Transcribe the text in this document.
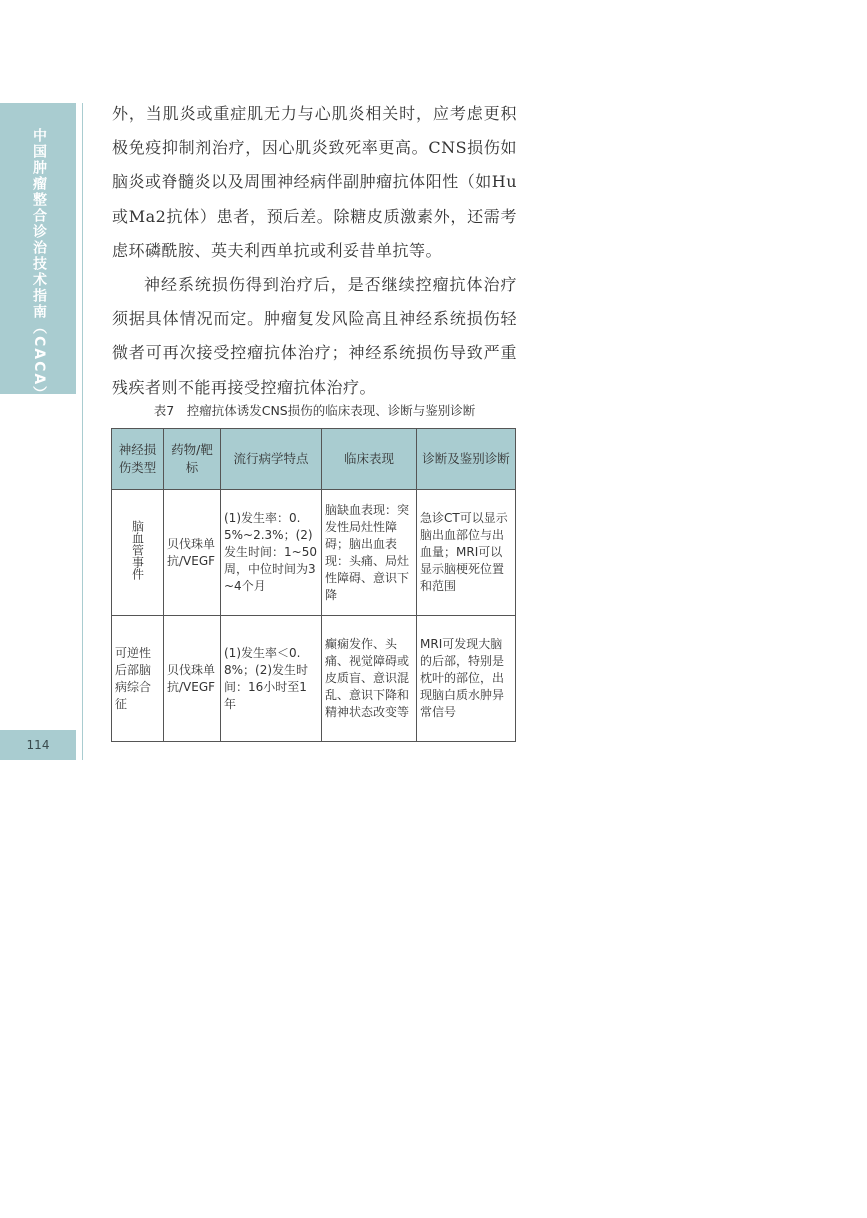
中国肿瘤整合诊治技术指南（CACA）
114

外，当肌炎或重症肌无力与心肌炎相关时，应考虑更积极免疫抑制剂治疗，因心肌炎致死率更高。CNS损伤如脑炎或脊髓炎以及周围神经病伴副肿瘤抗体阳性（如Hu或Ma2抗体）患者，预后差。除糖皮质激素外，还需考虑环磷酰胺、英夫利西单抗或利妥昔单抗等。

神经系统损伤得到治疗后，是否继续控瘤抗体治疗须据具体情况而定。肿瘤复发风险高且神经系统损伤轻微者可再次接受控瘤抗体治疗；神经系统损伤导致严重残疾者则不能再接受控瘤抗体治疗。

表7　控瘤抗体诱发CNS损伤的临床表现、诊断与鉴别诊断
神经损伤类型	药物/靶标	流行病学特点	临床表现	诊断及鉴别诊断
脑血管事件	贝伐珠单抗/VEGF	(1)发生率：0.5%~2.3%；(2)发生时间：1~50周，中位时间为3~4个月	脑缺血表现：突发性局灶性障碍；脑出血表现：头痛、局灶性障碍、意识下降	急诊CT可以显示脑出血部位与出血量；MRI可以显示脑梗死位置和范围
可逆性后部脑病综合征	贝伐珠单抗/VEGF	(1)发生率＜0.8%；(2)发生时间：16小时至1年	癫痫发作、头痛、视觉障碍或皮质盲、意识混乱、意识下降和精神状态改变等	MRI可发现大脑的后部，特别是枕叶的部位，出现脑白质水肿异常信号
